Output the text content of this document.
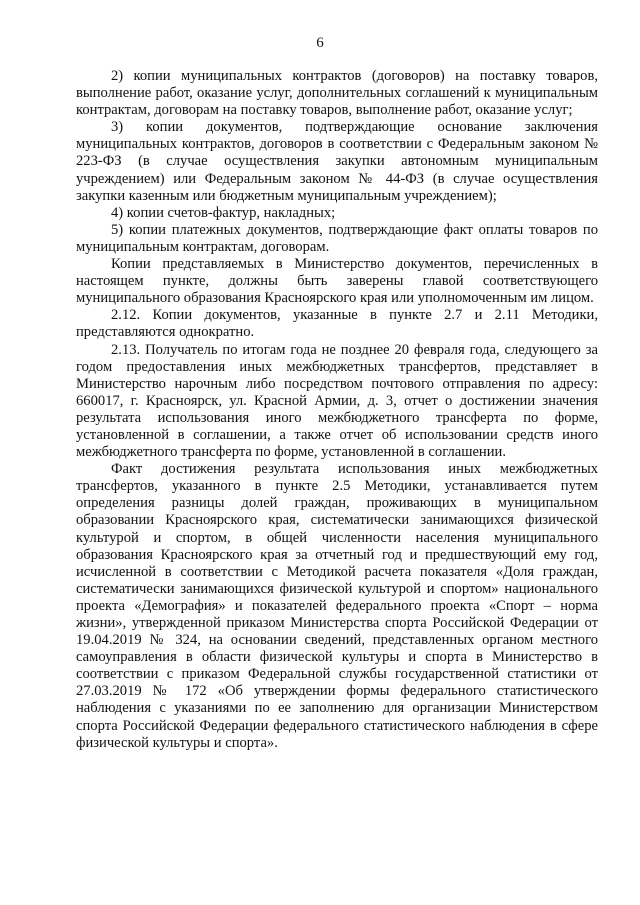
6

2) копии муниципальных контрактов (договоров) на поставку товаров, выполнение работ, оказание услуг, дополнительных соглашений к муниципальным контрактам, договорам на поставку товаров, выполнение работ, оказание услуг;

3) копии документов, подтверждающие основание заключения муниципальных контрактов, договоров в соответствии с Федеральным законом № 223-ФЗ (в случае осуществления закупки автономным муниципальным учреждением) или Федеральным законом № 44-ФЗ (в случае осуществления закупки казенным или бюджетным муниципальным учреждением);

4) копии счетов-фактур, накладных;

5) копии платежных документов, подтверждающие факт оплаты товаров по муниципальным контрактам, договорам.

Копии представляемых в Министерство документов, перечисленных в настоящем пункте, должны быть заверены главой соответствующего муниципального образования Красноярского края или уполномоченным им лицом.

2.12. Копии документов, указанные в пункте 2.7 и 2.11 Методики, представляются однократно.

2.13. Получатель по итогам года не позднее 20 февраля года, следующего за годом предоставления иных межбюджетных трансфертов, представляет в Министерство нарочным либо посредством почтового отправления по адресу: 660017, г. Красноярск, ул. Красной Армии, д. 3, отчет о достижении значения результата использования иного межбюджетного трансферта по форме, установленной в соглашении, а также отчет об использовании средств иного межбюджетного трансферта по форме, установленной в соглашении.

Факт достижения результата использования иных межбюджетных трансфертов, указанного в пункте 2.5 Методики, устанавливается путем определения разницы долей граждан, проживающих в муниципальном образовании Красноярского края, систематически занимающихся физической культурой и спортом, в общей численности населения муниципального образования Красноярского края за отчетный год и предшествующий ему год, исчисленной в соответствии с Методикой расчета показателя «Доля граждан, систематически занимающихся физической культурой и спортом» национального проекта «Демография» и показателей федерального проекта «Спорт – норма жизни», утвержденной приказом Министерства спорта Российской Федерации от 19.04.2019 № 324, на основании сведений, представленных органом местного самоуправления в области физической культуры и спорта в Министерство в соответствии с приказом Федеральной службы государственной статистики от 27.03.2019 № 172 «Об утверждении формы федерального статистического наблюдения с указаниями по ее заполнению для организации Министерством спорта Российской Федерации федерального статистического наблюдения в сфере физической культуры и спорта».
